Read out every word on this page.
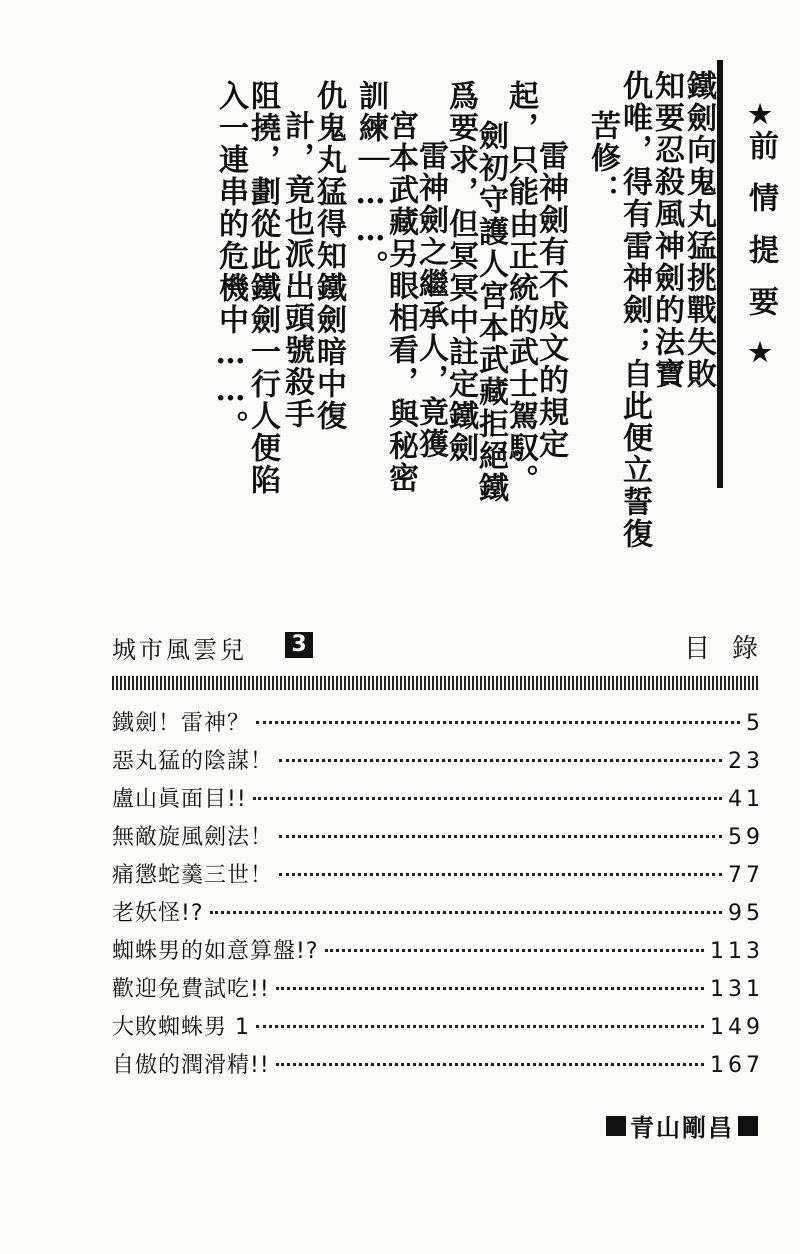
鐵劍向鬼丸猛挑戰失敗
知要忍殺風神劍的法寶
仇唯，得有雷神劍；自此便立誓復
苦修：
雷神劍有不成文的規定
起，只能由正統的武士駕馭。
劍初守護人宮本武藏拒絕鐵
爲要求，但冥冥中註定鐵劍
雷神劍之繼承人，竟獲
宮本武藏另眼相看，與秘密
訓練｜……。
仇鬼丸猛得知鐵劍暗中復
計，竟也派出頭號殺手
阻撓，劃從此鐵劍一行人便陷
入一連串的危機中……。	★前情提要★
城市風雲兒 3	目錄
鐵劍！雷神？	5
惡丸猛的陰謀！	23
盧山眞面目!!	41
無敵旋風劍法！	59
痛懲蛇羹三世！	77
老妖怪!?	95
蜘蛛男的如意算盤!?	113
歡迎免費試吃!!	131
大敗蜘蛛男 1	149
自傲的潤滑精!!	167
青山剛昌
